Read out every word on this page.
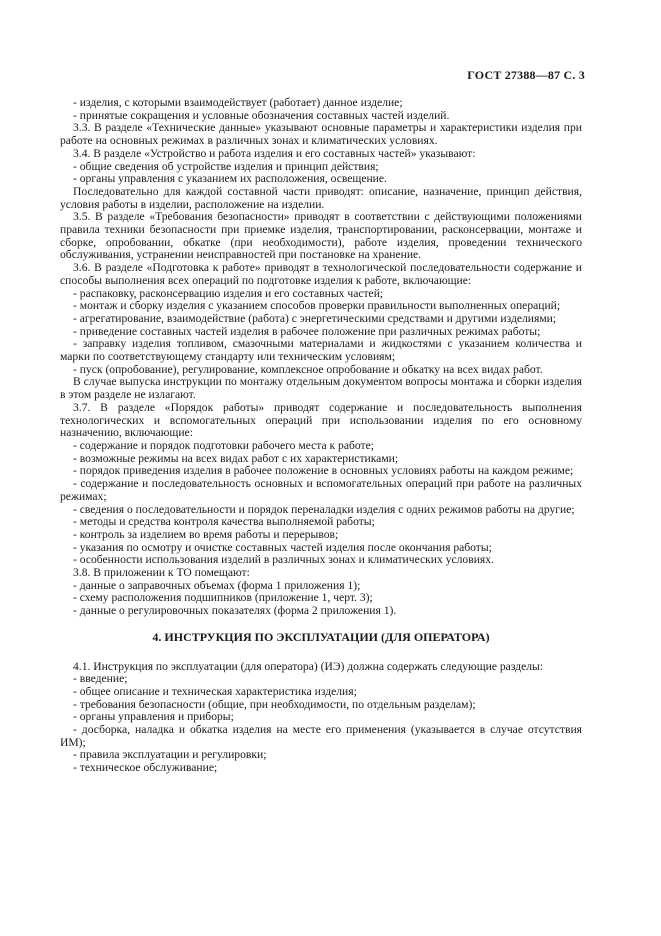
ГОСТ 27388—87 С. 3

- изделия, с которыми взаимодействует (работает) данное изделие;

- принятые сокращения и условные обозначения составных частей изделий.

3.3. В разделе «Технические данные» указывают основные параметры и характеристики изделия при работе на основных режимах в различных зонах и климатических условиях.

3.4. В разделе «Устройство и работа изделия и его составных частей» указывают:

- общие сведения об устройстве изделия и принцип действия;

- органы управления с указанием их расположения, освещение.

Последовательно для каждой составной части приводят: описание, назначение, принцип действия, условия работы в изделии, расположение на изделии.

3.5. В разделе «Требования безопасности» приводят в соответствии с действующими положениями правила техники безопасности при приемке изделия, транспортировании, расконсервации, монтаже и сборке, опробовании, обкатке (при необходимости), работе изделия, проведении технического обслуживания, устранении неисправностей при постановке на хранение.

3.6. В разделе «Подготовка к работе» приводят в технологической последовательности содержание и способы выполнения всех операций по подготовке изделия к работе, включающие:

- распаковку, расконсервацию изделия и его составных частей;

- монтаж и сборку изделия с указанием способов проверки правильности выполненных операций;

- агрегатирование, взаимодействие (работа) с энергетическими средствами и другими изделиями;

- приведение составных частей изделия в рабочее положение при различных режимах работы;

- заправку изделия топливом, смазочными материалами и жидкостями с указанием количества и марки по соответствующему стандарту или техническим условиям;

- пуск (опробование), регулирование, комплексное опробование и обкатку на всех видах работ.

В случае выпуска инструкции по монтажу отдельным документом вопросы монтажа и сборки изделия в этом разделе не излагают.

3.7. В разделе «Порядок работы» приводят содержание и последовательность выполнения технологических и вспомогательных операций при использовании изделия по его основному назначению, включающие:

- содержание и порядок подготовки рабочего места к работе;

- возможные режимы на всех видах работ с их характеристиками;

- порядок приведения изделия в рабочее положение в основных условиях работы на каждом режиме;

- содержание и последовательность основных и вспомогательных операций при работе на различных режимах;

- сведения о последовательности и порядок переналадки изделия с одних режимов работы на другие;

- методы и средства контроля качества выполняемой работы;

- контроль за изделием во время работы и перерывов;

- указания по осмотру и очистке составных частей изделия после окончания работы;

- особенности использования изделий в различных зонах и климатических условиях.

3.8. В приложении к ТО помещают:

- данные о заправочных объемах (форма 1 приложения 1);

- схему расположения подшипников (приложение 1, черт. 3);

- данные о регулировочных показателях (форма 2 приложения 1).

4. ИНСТРУКЦИЯ ПО ЭКСПЛУАТАЦИИ (ДЛЯ ОПЕРАТОРА)

4.1. Инструкция по эксплуатации (для оператора) (ИЭ) должна содержать следующие разделы:

- введение;

- общее описание и техническая характеристика изделия;

- требования безопасности (общие, при необходимости, по отдельным разделам);

- органы управления и приборы;

- досборка, наладка и обкатка изделия на месте его применения (указывается в случае отсутствия ИМ);

- правила эксплуатации и регулировки;

- техническое обслуживание;
